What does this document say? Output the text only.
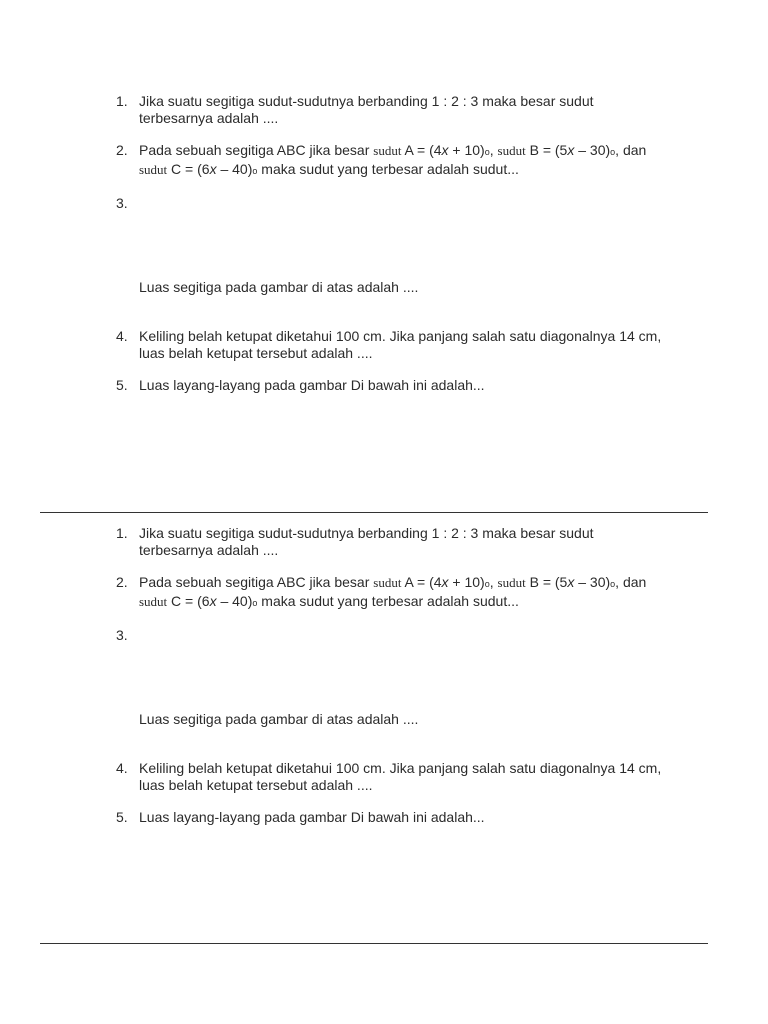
1. Jika suatu segitiga sudut-sudutnya berbanding 1 : 2 : 3 maka besar sudut
terbesarnya adalah ....
2. Pada sebuah segitiga ABC jika besar sudut A = (4x + 10)o, sudut B = (5x – 30)o, dan
sudut C = (6x – 40)o maka sudut yang terbesar adalah sudut...
3.
Luas segitiga pada gambar di atas adalah ....
4. Keliling belah ketupat diketahui 100 cm. Jika panjang salah satu diagonalnya 14 cm,
luas belah ketupat tersebut adalah ....
5. Luas layang-layang pada gambar Di bawah ini adalah...
1. Jika suatu segitiga sudut-sudutnya berbanding 1 : 2 : 3 maka besar sudut
terbesarnya adalah ....
2. Pada sebuah segitiga ABC jika besar sudut A = (4x + 10)o, sudut B = (5x – 30)o, dan
sudut C = (6x – 40)o maka sudut yang terbesar adalah sudut...
3.
Luas segitiga pada gambar di atas adalah ....
4. Keliling belah ketupat diketahui 100 cm. Jika panjang salah satu diagonalnya 14 cm,
luas belah ketupat tersebut adalah ....
5. Luas layang-layang pada gambar Di bawah ini adalah...
